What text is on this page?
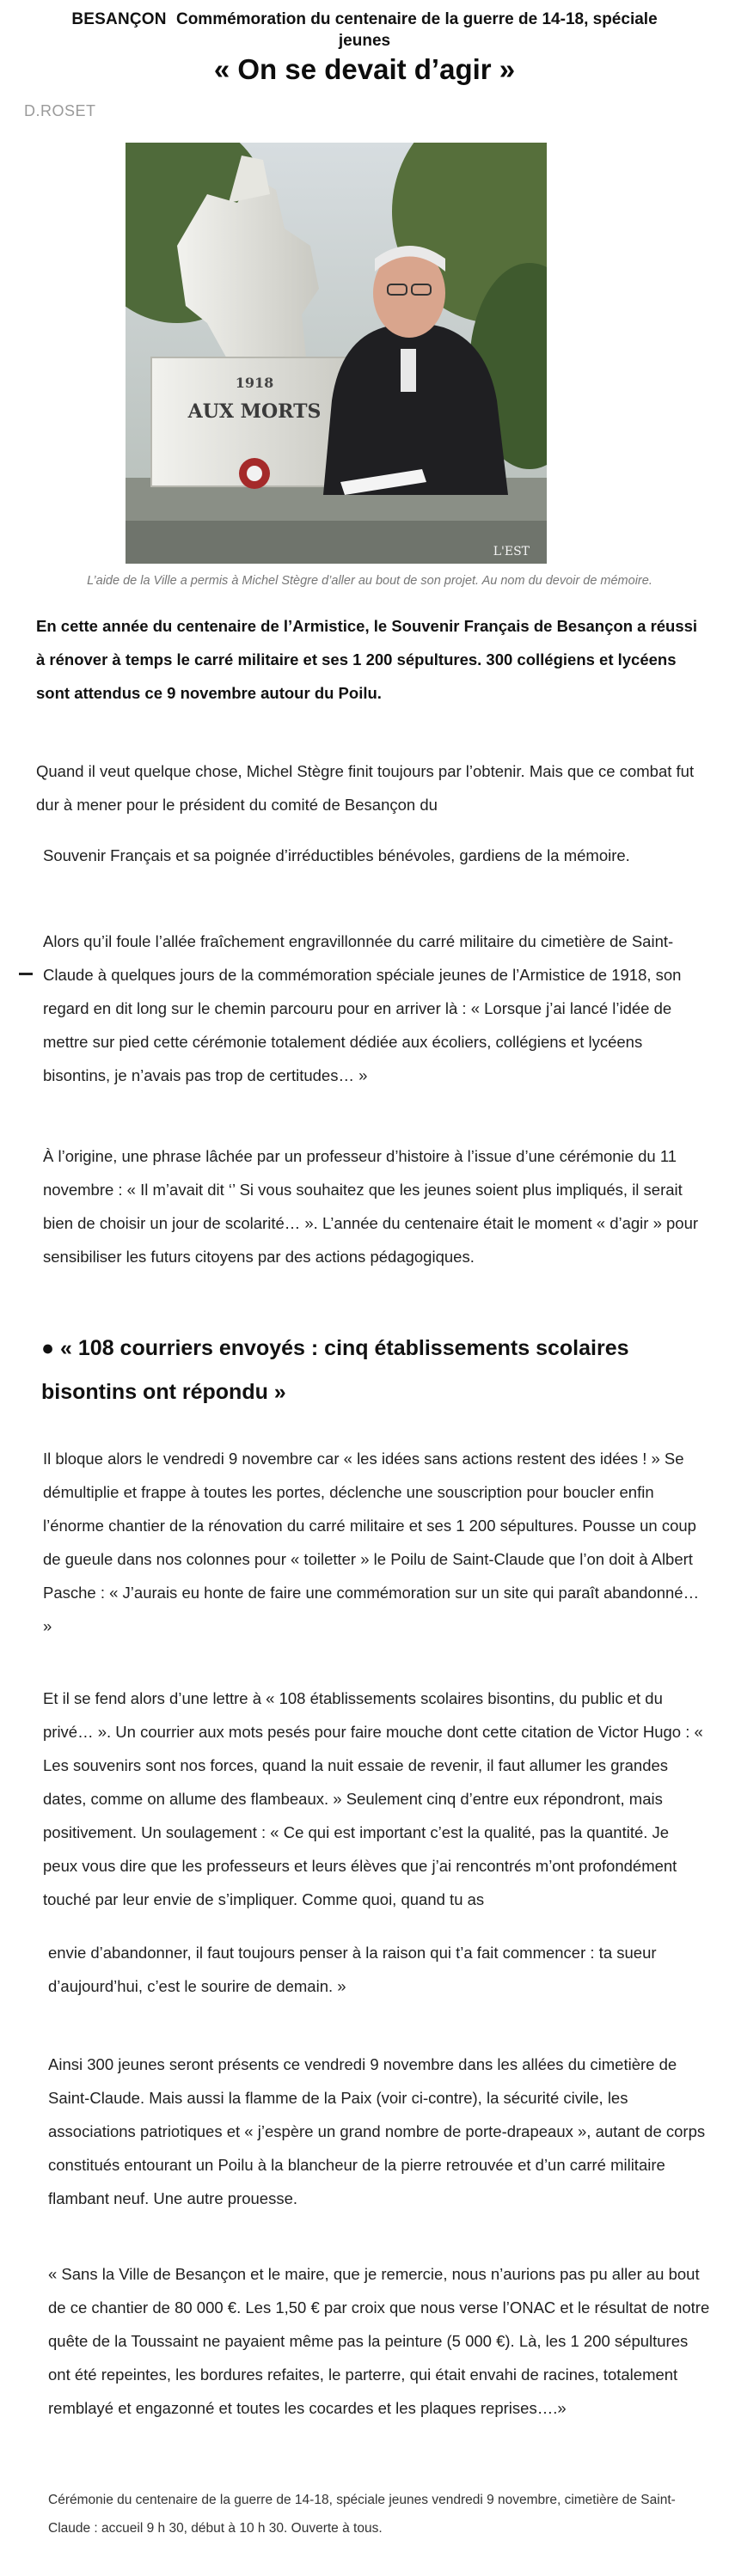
BESANÇON Commémoration du centenaire de la guerre de 14-18, spéciale
jeunes
« On se devait d’agir »
D.ROSET
1918
AUX MORTS
L'EST
L’aide de la Ville a permis à Michel Stègre d’aller au bout de son projet. Au nom du devoir de mémoire.
En cette année du centenaire de l’Armistice, le Souvenir Français de Besançon a réussi à rénover à temps le carré militaire et ses 1 200 sépultures. 300 collégiens et lycéens sont attendus ce 9 novembre autour du Poilu.
Quand il veut quelque chose, Michel Stègre finit toujours par l’obtenir. Mais que ce combat fut dur à mener pour le président du comité de Besançon du
Souvenir Français et sa poignée d’irréductibles bénévoles, gardiens de la mémoire.
Alors qu’il foule l’allée fraîchement engravillonnée du carré militaire du cimetière de Saint-Claude à quelques jours de la commémoration spéciale jeunes de l’Armistice de 1918, son regard en dit long sur le chemin parcouru pour en arriver là : « Lorsque j’ai lancé l’idée de mettre sur pied cette cérémonie totalement dédiée aux écoliers, collégiens et lycéens bisontins, je n’avais pas trop de certitudes… »
À l’origine, une phrase lâchée par un professeur d’histoire à l’issue d’une cérémonie du 11 novembre : « Il m’avait dit ‘’ Si vous souhaitez que les jeunes soient plus impliqués, il serait bien de choisir un jour de scolarité… ». L’année du centenaire était le moment « d’agir » pour sensibiliser les futurs citoyens par des actions pédagogiques.
● « 108 courriers envoyés : cinq établissements scolaires bisontins ont répondu »
Il bloque alors le vendredi 9 novembre car « les idées sans actions restent des idées ! » Se démultiplie et frappe à toutes les portes, déclenche une souscription pour boucler enfin l’énorme chantier de la rénovation du carré militaire et ses 1 200 sépultures. Pousse un coup de gueule dans nos colonnes pour « toiletter » le Poilu de Saint-Claude que l’on doit à Albert Pasche : « J’aurais eu honte de faire une commémoration sur un site qui paraît abandonné… »
Et il se fend alors d’une lettre à « 108 établissements scolaires bisontins, du public et du privé… ». Un courrier aux mots pesés pour faire mouche dont cette citation de Victor Hugo : « Les souvenirs sont nos forces, quand la nuit essaie de revenir, il faut allumer les grandes dates, comme on allume des flambeaux. » Seulement cinq d’entre eux répondront, mais positivement. Un soulagement : « Ce qui est important c’est la qualité, pas la quantité. Je peux vous dire que les professeurs et leurs élèves que j’ai rencontrés m’ont profondément touché par leur envie de s’impliquer. Comme quoi, quand tu as
envie d’abandonner, il faut toujours penser à la raison qui t’a fait commencer : ta sueur d’aujourd’hui, c’est le sourire de demain. »
Ainsi 300 jeunes seront présents ce vendredi 9 novembre dans les allées du cimetière de Saint-Claude. Mais aussi la flamme de la Paix (voir ci-contre), la sécurité civile, les associations patriotiques et « j’espère un grand nombre de porte-drapeaux », autant de corps constitués entourant un Poilu à la blancheur de la pierre retrouvée et d’un carré militaire flambant neuf. Une autre prouesse.
« Sans la Ville de Besançon et le maire, que je remercie, nous n’aurions pas pu aller au bout de ce chantier de 80 000 €. Les 1,50 € par croix que nous verse l’ONAC et le résultat de notre quête de la Toussaint ne payaient même pas la peinture (5 000 €). Là, les 1 200 sépultures ont été repeintes, les bordures refaites, le parterre, qui était envahi de racines, totalement remblayé et engazonné et toutes les cocardes et les plaques reprises….»
Cérémonie du centenaire de la guerre de 14-18, spéciale jeunes vendredi 9 novembre, cimetière de Saint-Claude : accueil 9 h 30, début à 10 h 30. Ouverte à tous.
